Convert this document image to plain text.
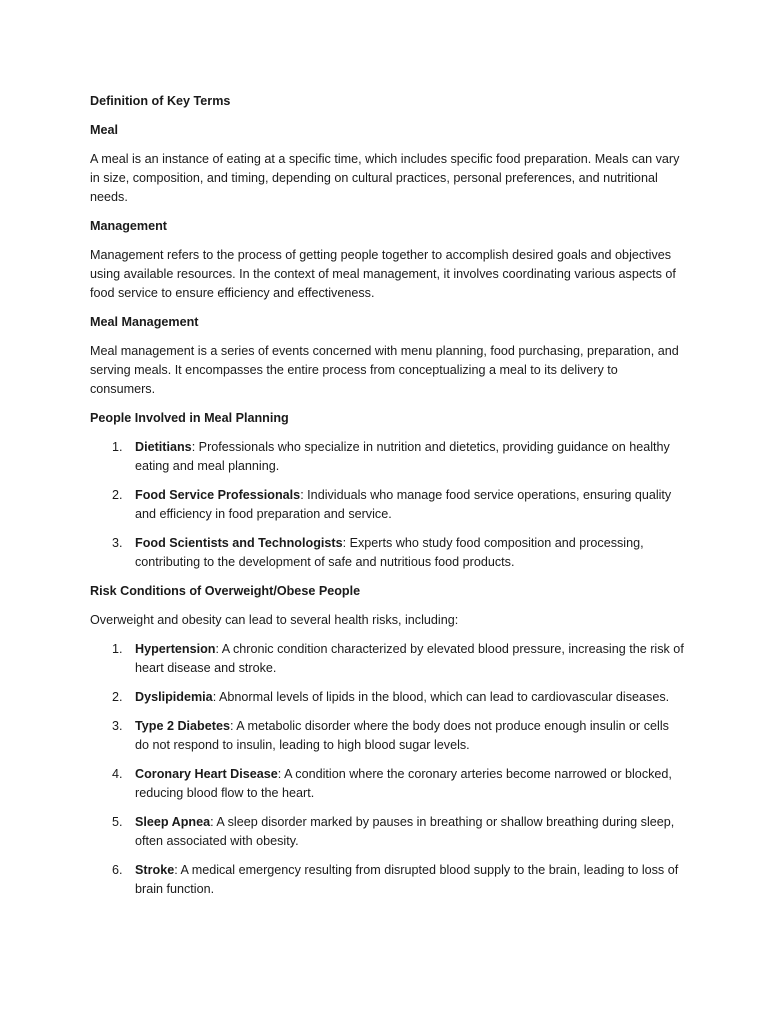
Definition of Key Terms

Meal

A meal is an instance of eating at a specific time, which includes specific food preparation. Meals can vary in size, composition, and timing, depending on cultural practices, personal preferences, and nutritional needs.

Management

Management refers to the process of getting people together to accomplish desired goals and objectives using available resources. In the context of meal management, it involves coordinating various aspects of food service to ensure efficiency and effectiveness.

Meal Management

Meal management is a series of events concerned with menu planning, food purchasing, preparation, and serving meals. It encompasses the entire process from conceptualizing a meal to its delivery to consumers.

People Involved in Meal Planning

1. Dietitians: Professionals who specialize in nutrition and dietetics, providing guidance on healthy eating and meal planning.
2. Food Service Professionals: Individuals who manage food service operations, ensuring quality and efficiency in food preparation and service.
3. Food Scientists and Technologists: Experts who study food composition and processing, contributing to the development of safe and nutritious food products.

Risk Conditions of Overweight/Obese People

Overweight and obesity can lead to several health risks, including:

1. Hypertension: A chronic condition characterized by elevated blood pressure, increasing the risk of heart disease and stroke.
2. Dyslipidemia: Abnormal levels of lipids in the blood, which can lead to cardiovascular diseases.
3. Type 2 Diabetes: A metabolic disorder where the body does not produce enough insulin or cells do not respond to insulin, leading to high blood sugar levels.
4. Coronary Heart Disease: A condition where the coronary arteries become narrowed or blocked, reducing blood flow to the heart.
5. Sleep Apnea: A sleep disorder marked by pauses in breathing or shallow breathing during sleep, often associated with obesity.
6. Stroke: A medical emergency resulting from disrupted blood supply to the brain, leading to loss of brain function.
